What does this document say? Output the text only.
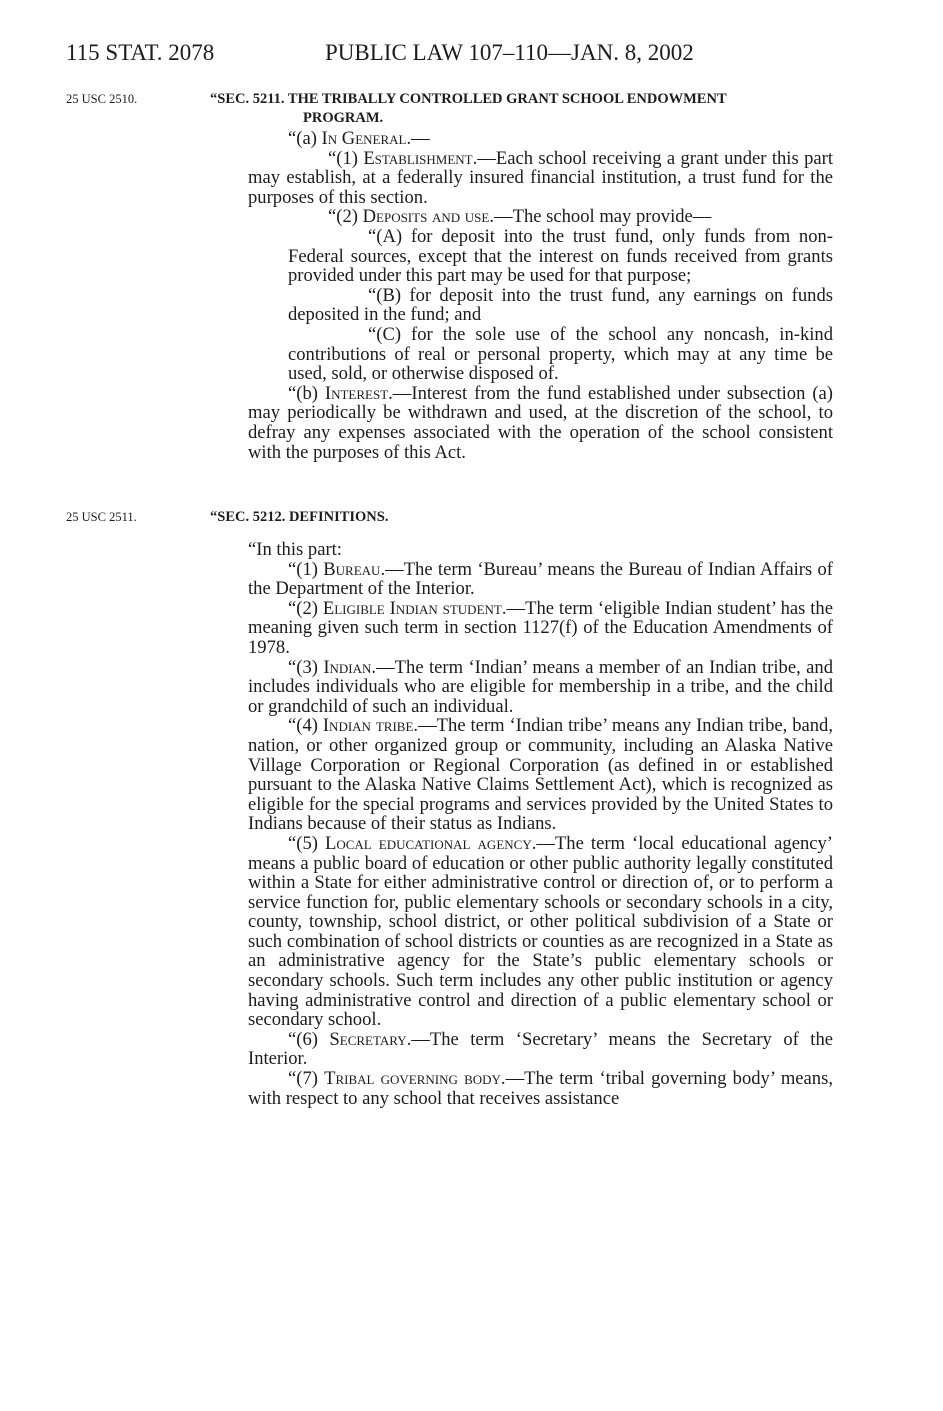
115 STAT. 2078	PUBLIC LAW 107–110—JAN. 8, 2002
25 USC 2510.	“SEC. 5211. THE TRIBALLY CONTROLLED GRANT SCHOOL ENDOWMENT
PROGRAM.

“(a) In General.—

“(1) Establishment.—Each school receiving a grant under this part may establish, at a federally insured financial institution, a trust fund for the purposes of this section.

“(2) Deposits and use.—The school may provide—

“(A) for deposit into the trust fund, only funds from non-Federal sources, except that the interest on funds received from grants provided under this part may be used for that purpose;

“(B) for deposit into the trust fund, any earnings on funds deposited in the fund; and

“(C) for the sole use of the school any noncash, in-kind contributions of real or personal property, which may at any time be used, sold, or otherwise disposed of.

“(b) Interest.—Interest from the fund established under subsection (a) may periodically be withdrawn and used, at the discretion of the school, to defray any expenses associated with the operation of the school consistent with the purposes of this Act.

25 USC 2511.	“SEC. 5212. DEFINITIONS.

“In this part:

“(1) Bureau.—The term ‘Bureau’ means the Bureau of Indian Affairs of the Department of the Interior.

“(2) Eligible Indian student.—The term ‘eligible Indian student’ has the meaning given such term in section 1127(f) of the Education Amendments of 1978.

“(3) Indian.—The term ‘Indian’ means a member of an Indian tribe, and includes individuals who are eligible for membership in a tribe, and the child or grandchild of such an individual.

“(4) Indian tribe.—The term ‘Indian tribe’ means any Indian tribe, band, nation, or other organized group or community, including an Alaska Native Village Corporation or Regional Corporation (as defined in or established pursuant to the Alaska Native Claims Settlement Act), which is recognized as eligible for the special programs and services provided by the United States to Indians because of their status as Indians.

“(5) Local educational agency.—The term ‘local educational agency’ means a public board of education or other public authority legally constituted within a State for either administrative control or direction of, or to perform a service function for, public elementary schools or secondary schools in a city, county, township, school district, or other political subdivision of a State or such combination of school districts or counties as are recognized in a State as an administrative agency for the State’s public elementary schools or secondary schools. Such term includes any other public institution or agency having administrative control and direction of a public elementary school or secondary school.

“(6) Secretary.—The term ‘Secretary’ means the Secretary of the Interior.

“(7) Tribal governing body.—The term ‘tribal governing body’ means, with respect to any school that receives assistance
